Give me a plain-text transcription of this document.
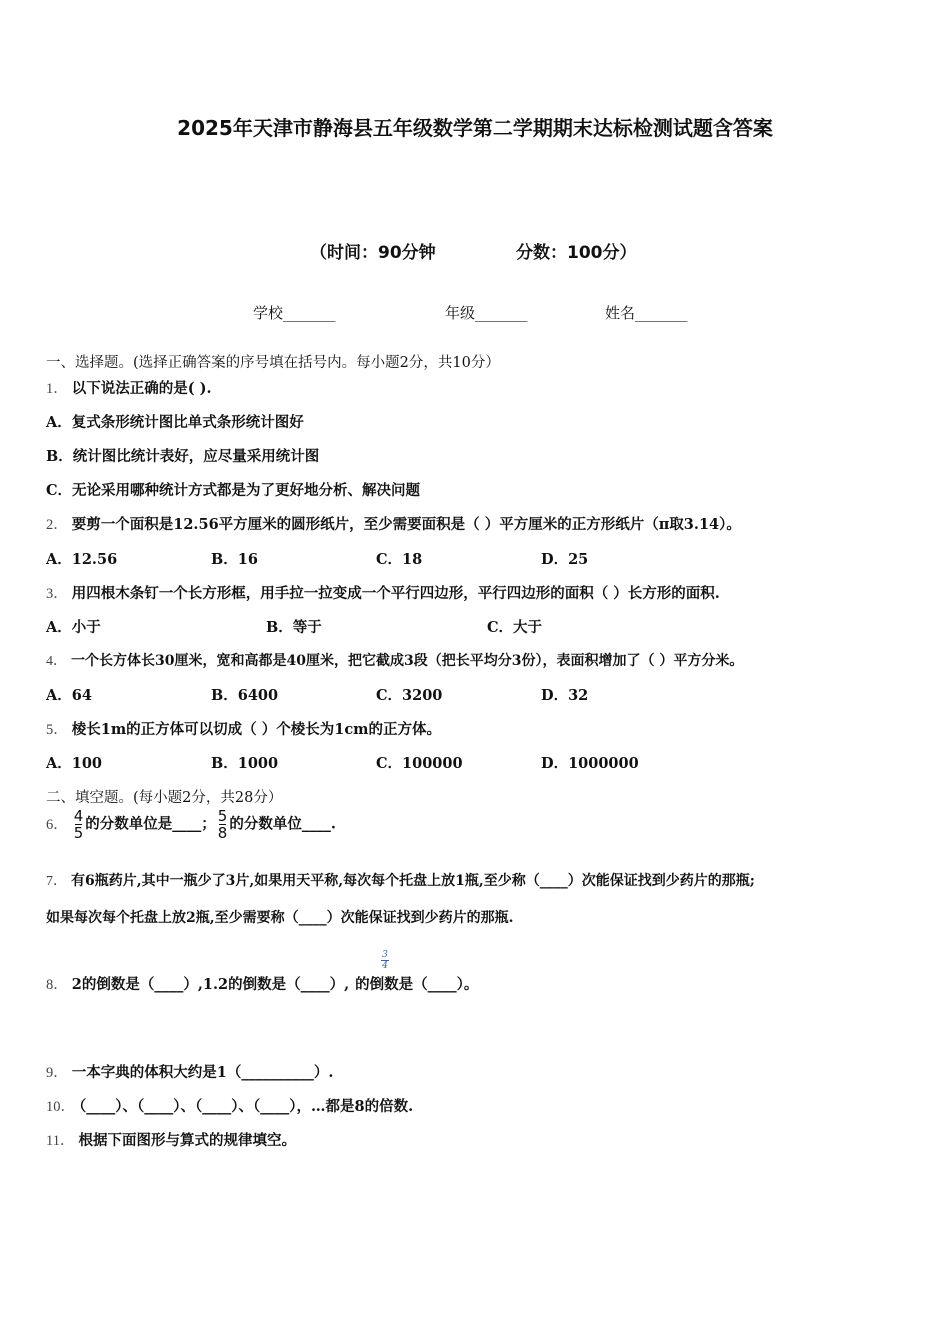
2025年天津市静海县五年级数学第二学期期末达标检测试题含答案
（时间：90分钟	分数：100分）
学校_______	年级_______	姓名_______
一、选择题。(选择正确答案的序号填在括号内。每小题2分，共10分）
1． 以下说法正确的是( ).
A．复式条形统计图比单式条形统计图好
B．统计图比统计表好，应尽量采用统计图
C．无论采用哪种统计方式都是为了更好地分析、解决问题
2． 要剪一个面积是12.56平方厘米的圆形纸片，至少需要面积是（ ）平方厘米的正方形纸片（π取3.14）。
A．12.56	B．16	C．18	D．25
3． 用四根木条钉一个长方形框，用手拉一拉变成一个平行四边形，平行四边形的面积（ ）长方形的面积.
A．小于	B．等于	C．大于
4． 一个长方体长30厘米，宽和高都是40厘米，把它截成3段（把长平均分3份），表面积增加了（ ）平方分米。
A．64	B．6400	C．3200	D．32
5． 棱长1m的正方体可以切成（ ）个棱长为1cm的正方体。
A．100	B．1000	C．100000	D．1000000
二、填空题。(每小题2分，共28分）
6． $\frac{4}{5}$ 的分数单位是____； $\frac{5}{8}$ 的分数单位____.
7． 有6瓶药片,其中一瓶少了3片,如果用天平称,每次每个托盘上放1瓶,至少称（____）次能保证找到少药片的那瓶;
如果每次每个托盘上放2瓶,至少需要称（____）次能保证找到少药片的那瓶.
8． 2的倒数是（____）,1.2的倒数是（____）, 的倒数是（____）。
3
4
9． 一本字典的体积大约是1（__________）.
10． （____）、（____）、（____）、（____），…都是8的倍数.
11． 根据下面图形与算式的规律填空。
